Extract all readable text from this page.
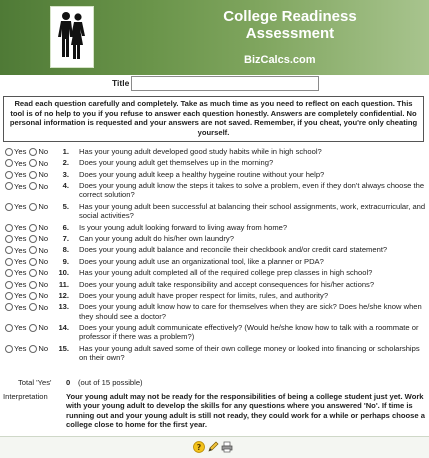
College Readiness Assessment
BizCalcs.com
Title
Read each question carefully and completely. Take as much time as you need to reflect on each question. This tool is of no help to you if you refuse to answer each question honestly. Answers are completely confidential. No personal information is requested and your answers are not saved. Remember, if you cheat, you're only cheating yourself.
Yes No	1. Has your young adult developed good study habits while in high school?
Yes No	2. Does your young adult get themselves up in the morning?
Yes No	3. Does your young adult keep a healthy hygeine routine without your help?
Yes No	4. Does your young adult know the steps it takes to solve a problem, even if they don't always choose the correct solution?
Yes No	5. Has your young adult been successful at balancing their school assignments, work, extracurricular, and social activities?
Yes No	6. Is your young adult looking forward to living away from home?
Yes No	7. Can your young adult do his/her own laundry?
Yes No	8. Does your young adult balance and reconcile their checkbook and/or credit card statement?
Yes No	9. Does your young adult use an organizational tool, like a planner or PDA?
Yes No	10. Has your young adult completed all of the required college prep classes in high school?
Yes No	11. Does your young adult take responsibility and accept consequences for his/her actions?
Yes No	12. Does your young adult have proper respect for limits, rules, and authority?
Yes No	13. Does your young adult know how to care for themselves when they are sick? Does he/she know when they should see a doctor?
Yes No	14. Does your young adult communicate effectively? (Would he/she know how to talk with a roommate or professor if there was a problem?)
Yes No	15. Has your young adult saved some of their own college money or looked into financing or scholarships on their own?
Total 'Yes' 0 (out of 15 possible)
Interpretation Your young adult may not be ready for the responsibilities of being a college student just yet. Work with your young adult to develop the skills for any questions where you answered 'No'. If time is running out and your young adult is still not ready, they could work for a while or perhaps choose a college close to home for the first year.
?
